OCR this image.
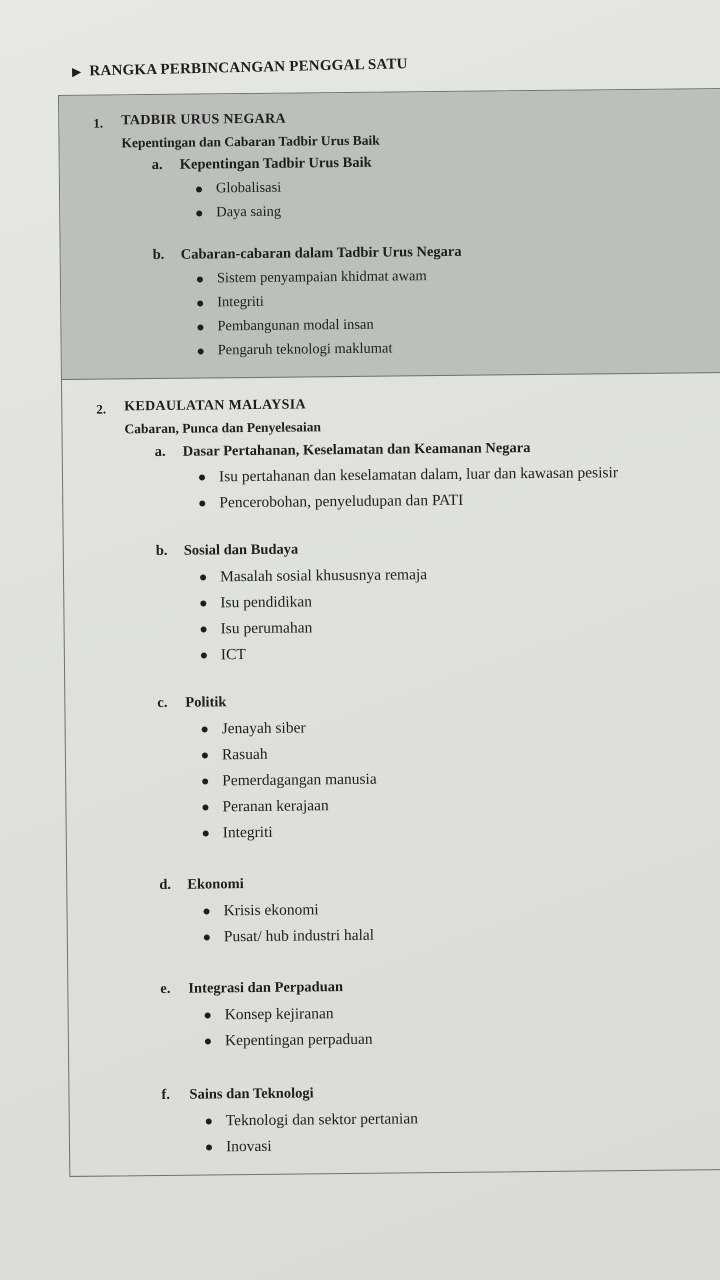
▶ RANGKA PERBINCANGAN PENGGAL SATU
1. TADBIR URUS NEGARA
Kepentingan dan Cabaran Tadbir Urus Baik
a. Kepentingan Tadbir Urus Baik
Globalisasi
Daya saing
b. Cabaran-cabaran dalam Tadbir Urus Negara
Sistem penyampaian khidmat awam
Integriti
Pembangunan modal insan
Pengaruh teknologi maklumat
2. KEDAULATAN MALAYSIA
Cabaran, Punca dan Penyelesaian
a. Dasar Pertahanan, Keselamatan dan Keamanan Negara
Isu pertahanan dan keselamatan dalam, luar dan kawasan pesisir
Pencerobohan, penyeludupan dan PATI
b. Sosial dan Budaya
Masalah sosial khususnya remaja
Isu pendidikan
Isu perumahan
ICT
c. Politik
Jenayah siber
Rasuah
Pemerdagangan manusia
Peranan kerajaan
Integriti
d. Ekonomi
Krisis ekonomi
Pusat/ hub industri halal
e. Integrasi dan Perpaduan
Konsep kejiranan
Kepentingan perpaduan
f. Sains dan Teknologi
Teknologi dan sektor pertanian
Inovasi
